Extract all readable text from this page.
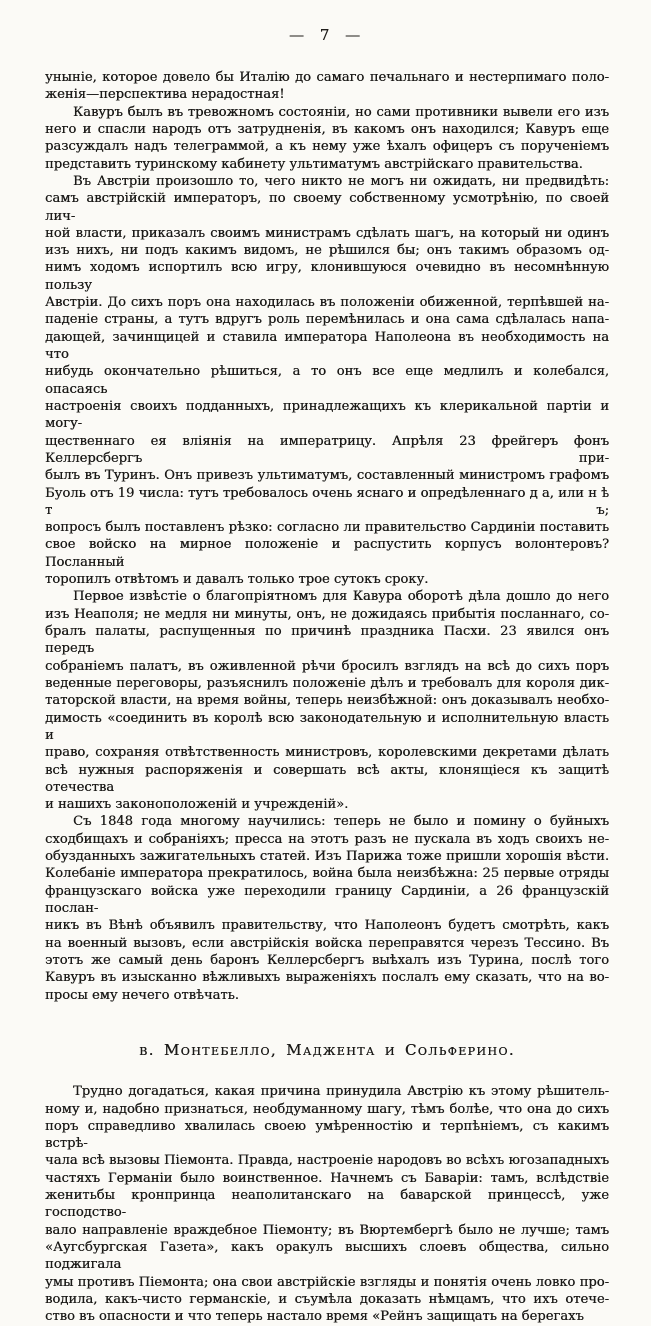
— 7 —

уныніе, которое довело бы Италію до самаго печальнаго и нестерпимаго поло-
женія—перспектива нерадостная!

Кавуръ былъ въ тревожномъ состояніи, но сами противники вывели его изъ
него и спасли народъ отъ затрудненія, въ какомъ онъ находился; Кавуръ еще
разсуждалъ надъ телеграммой, а къ нему уже ѣхалъ офицеръ съ порученіемъ
представить туринскому кабинету ультиматумъ австрійскаго правительства.

Въ Австріи произошло то, чего никто не могъ ни ожидать, ни предвидѣть:
самъ австрійскій императоръ, по своему собственному усмотрѣнію, по своей лич-
ной власти, приказалъ своимъ министрамъ сдѣлать шагъ, на который ни одинъ
изъ нихъ, ни подъ какимъ видомъ, не рѣшился бы; онъ такимъ образомъ од-
нимъ ходомъ испортилъ всю игру, клонившуюся очевидно въ несомнѣнную пользу
Австріи. До сихъ поръ она находилась въ положеніи обиженной, терпѣвшей на-
паденіе страны, а тутъ вдругъ роль перемѣнилась и она сама сдѣлалась напа-
дающей, зачинщицей и ставила императора Наполеона въ необходимость на что
нибудь окончательно рѣшиться, а то онъ все еще медлилъ и колебался, опасаясь
настроенія своихъ подданныхъ, принадлежащихъ къ клерикальной партіи и могу-
щественнаго ея вліянія на императрицу. Апрѣля 23 фрейгеръ фонъ Келлерсбергъ при-
былъ въ Туринъ. Онъ привезъ ультиматумъ, составленный министромъ графомъ
Буоль отъ 19 числа: тутъ требовалось очень яснаго и опредѣленнаго д а, или н ѣ т ъ;
вопросъ былъ поставленъ рѣзко: согласно ли правительство Сардиніи поставить
свое войско на мирное положеніе и распустить корпусъ волонтеровъ? Посланный
торопилъ отвѣтомъ и давалъ только трое сутокъ сроку.

Первое извѣстіе о благопріятномъ для Кавура оборотѣ дѣла дошло до него
изъ Неаполя; не медля ни минуты, онъ, не дожидаясь прибытія посланнаго, со-
бралъ палаты, распущенныя по причинѣ праздника Пасхи. 23 явился онъ передъ
собраніемъ палатъ, въ оживленной рѣчи бросилъ взглядъ на всѣ до сихъ поръ
веденные переговоры, разъяснилъ положеніе дѣлъ и требовалъ для короля дик-
таторской власти, на время войны, теперь неизбѣжной: онъ доказывалъ необхо-
димость «соединить въ королѣ всю законодательную и исполнительную власть и
право, сохраняя отвѣтственность министровъ, королевскими декретами дѣлать
всѣ нужныя распоряженія и совершать всѣ акты, клонящіеся къ защитѣ отечества
и нашихъ законоположеній и учрежденій».

Съ 1848 года многому научились: теперь не было и помину о буйныхъ
сходбищахъ и собраніяхъ; пресса на этотъ разъ не пускала въ ходъ своихъ не-
обузданныхъ зажигательныхъ статей. Изъ Парижа тоже пришли хорошія вѣсти.
Колебаніе императора прекратилось, война была неизбѣжна: 25 первые отряды
французскаго войска уже переходили границу Сардиніи, а 26 французскій послан-
никъ въ Вѣнѣ объявилъ правительству, что Наполеонъ будетъ смотрѣть, какъ
на военный вызовъ, если австрійскія войска переправятся черезъ Тессино. Въ
этотъ же самый день баронъ Келлерсбергъ выѣхалъ изъ Турина, послѣ того
Кавуръ въ изысканно вѣжливыхъ выраженіяхъ послалъ ему сказать, что на во-
просы ему нечего отвѣчать.

в. Монтебелло, Маджента и Сольферино.

Трудно догадаться, какая причина принудила Австрію къ этому рѣшитель-
ному и, надобно признаться, необдуманному шагу, тѣмъ болѣе, что она до сихъ
поръ справедливо хвалилась своею умѣренностію и терпѣніемъ, съ какимъ встрѣ-
чала всѣ вызовы Піемонта. Правда, настроеніе народовъ во всѣхъ югозападныхъ
частяхъ Германіи было воинственное. Начнемъ съ Баваріи: тамъ, вслѣдствіе
женитьбы кронпринца неаполитанскаго на баварской принцессѣ, уже господство-
вало направленіе враждебное Піемонту; въ Вюртембергѣ было не лучше; тамъ
«Аугсбургская Газета», какъ оракулъ высшихъ слоевъ общества, сильно поджигала
умы противъ Піемонта; она свои австрійскіе взгляды и понятія очень ловко про-
водила, какъ-чисто германскіе, и съумѣла доказать нѣмцамъ, что ихъ отече-
ство въ опасности и что теперь настало время «Рейнъ защищать на берегахъ
